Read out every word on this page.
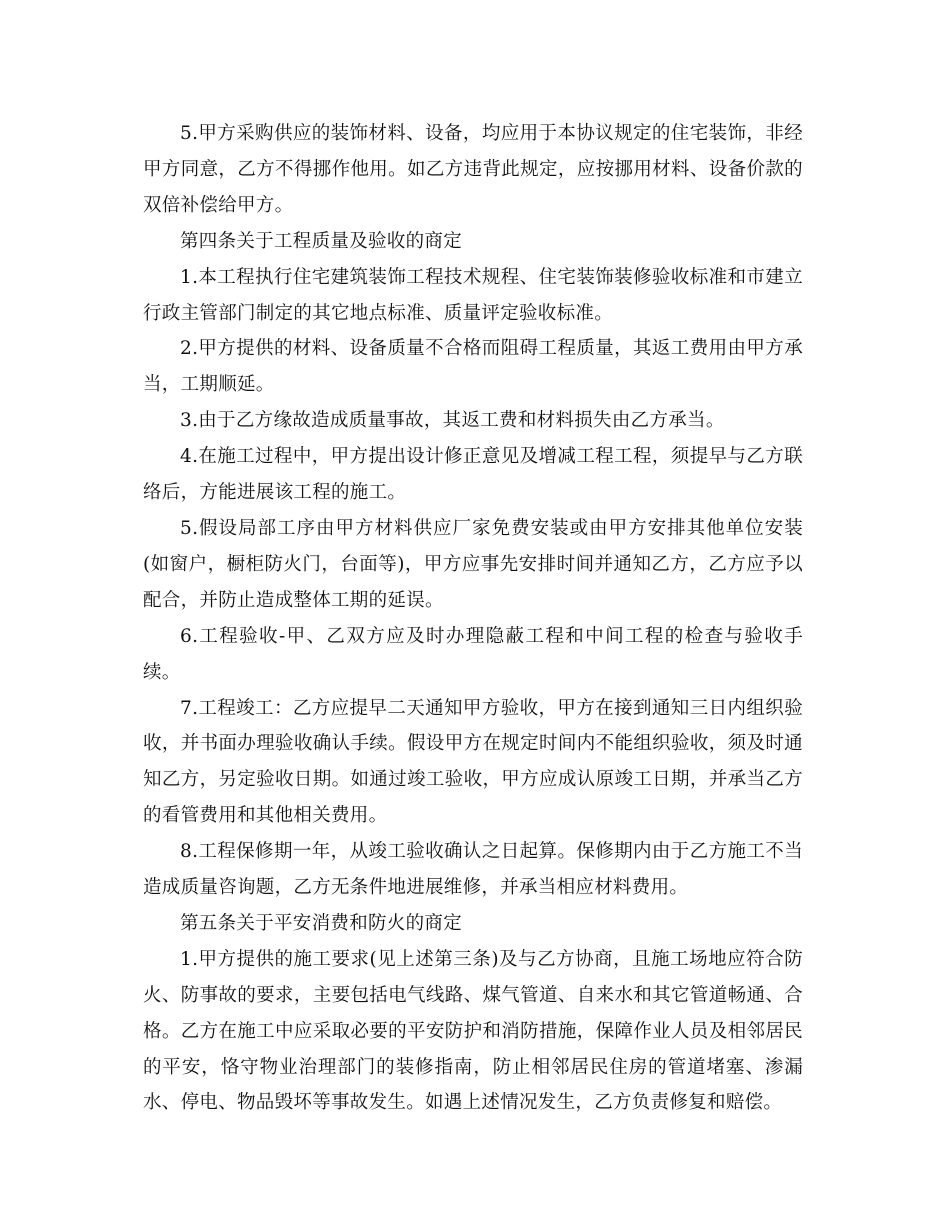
5.甲方采购供应的装饰材料、设备，均应用于本协议规定的住宅装饰，非经甲方同意，乙方不得挪作他用。如乙方违背此规定，应按挪用材料、设备价款的双倍补偿给甲方。

第四条关于工程质量及验收的商定

1.本工程执行住宅建筑装饰工程技术规程、住宅装饰装修验收标准和市建立行政主管部门制定的其它地点标准、质量评定验收标准。

2.甲方提供的材料、设备质量不合格而阻碍工程质量，其返工费用由甲方承当，工期顺延。

3.由于乙方缘故造成质量事故，其返工费和材料损失由乙方承当。

4.在施工过程中，甲方提出设计修正意见及增减工程工程，须提早与乙方联络后，方能进展该工程的施工。

5.假设局部工序由甲方材料供应厂家免费安装或由甲方安排其他单位安装(如窗户，橱柜防火门，台面等)，甲方应事先安排时间并通知乙方，乙方应予以配合，并防止造成整体工期的延误。

6.工程验收-甲、乙双方应及时办理隐蔽工程和中间工程的检查与验收手续。

7.工程竣工：乙方应提早二天通知甲方验收，甲方在接到通知三日内组织验收，并书面办理验收确认手续。假设甲方在规定时间内不能组织验收，须及时通知乙方，另定验收日期。如通过竣工验收，甲方应成认原竣工日期，并承当乙方的看管费用和其他相关费用。

8.工程保修期一年，从竣工验收确认之日起算。保修期内由于乙方施工不当造成质量咨询题，乙方无条件地进展维修，并承当相应材料费用。

第五条关于平安消费和防火的商定

1.甲方提供的施工要求(见上述第三条)及与乙方协商，且施工场地应符合防火、防事故的要求，主要包括电气线路、煤气管道、自来水和其它管道畅通、合格。乙方在施工中应采取必要的平安防护和消防措施，保障作业人员及相邻居民的平安，恪守物业治理部门的装修指南，防止相邻居民住房的管道堵塞、渗漏水、停电、物品毁坏等事故发生。如遇上述情况发生，乙方负责修复和赔偿。
